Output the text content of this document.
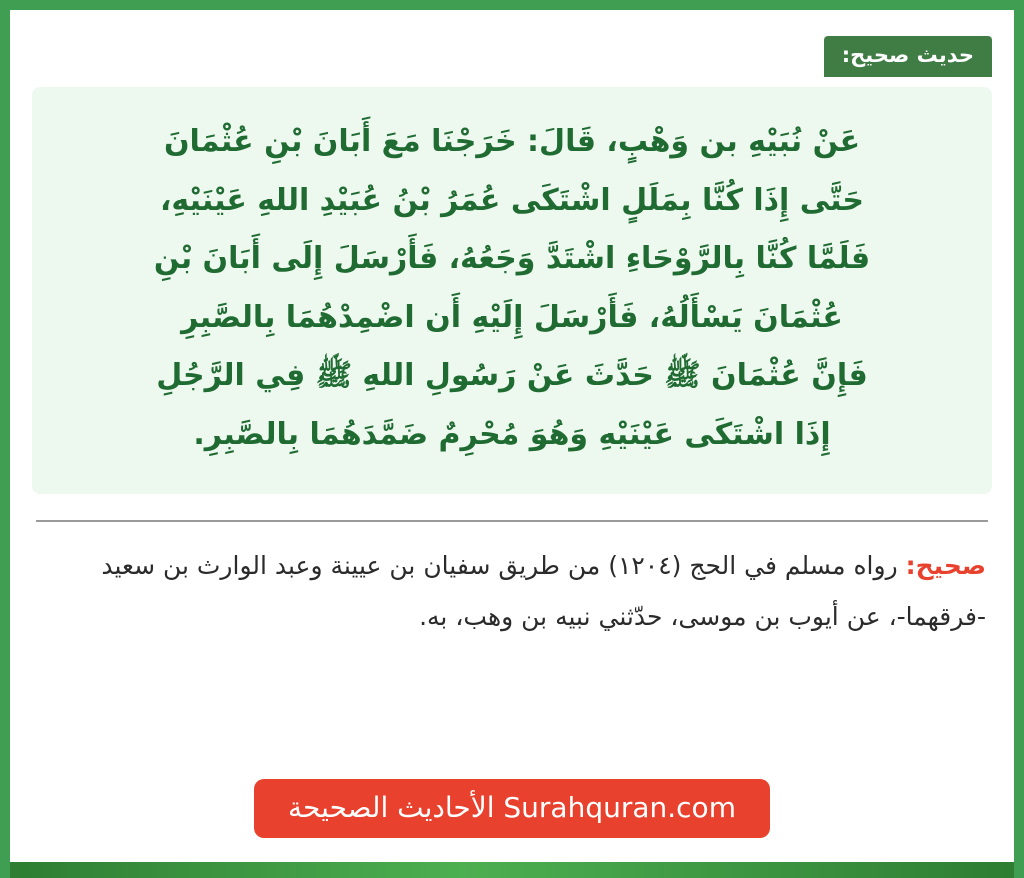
حديث صحيح:
عَنْ نُبَيْهِ بن وَهْبٍ، قَالَ: خَرَجْنَا مَعَ أَبَانَ بْنِ عُثْمَانَ
حَتَّى إِذَا كُنَّا بِمَلَلٍ اشْتَكَى عُمَرُ بْنُ عُبَيْدِ اللهِ عَيْنَيْهِ،
فَلَمَّا كُنَّا بِالرَّوْحَاءِ اشْتَدَّ وَجَعُهُ، فَأَرْسَلَ إِلَى أَبَانَ بْنِ
عُثْمَانَ يَسْأَلُهُ، فَأَرْسَلَ إِلَيْهِ أَن اضْمِدْهُمَا بِالصَّبِرِ
فَإِنَّ عُثْمَانَ ﷺ حَدَّثَ عَنْ رَسُولِ اللهِ ﷺ فِي الرَّجُلِ
إِذَا اشْتَكَى عَيْنَيْهِ وَهُوَ مُحْرِمٌ ضَمَّدَهُمَا بِالصَّبِرِ.
صحيح: رواه مسلم في الحج (١٢٠٤) من طريق سفيان بن عيينة وعبد الوارث بن سعيد -فرقهما-، عن أيوب بن موسى، حدّثني نبيه بن وهب، به.
Surahquran.com الأحاديث الصحيحة
